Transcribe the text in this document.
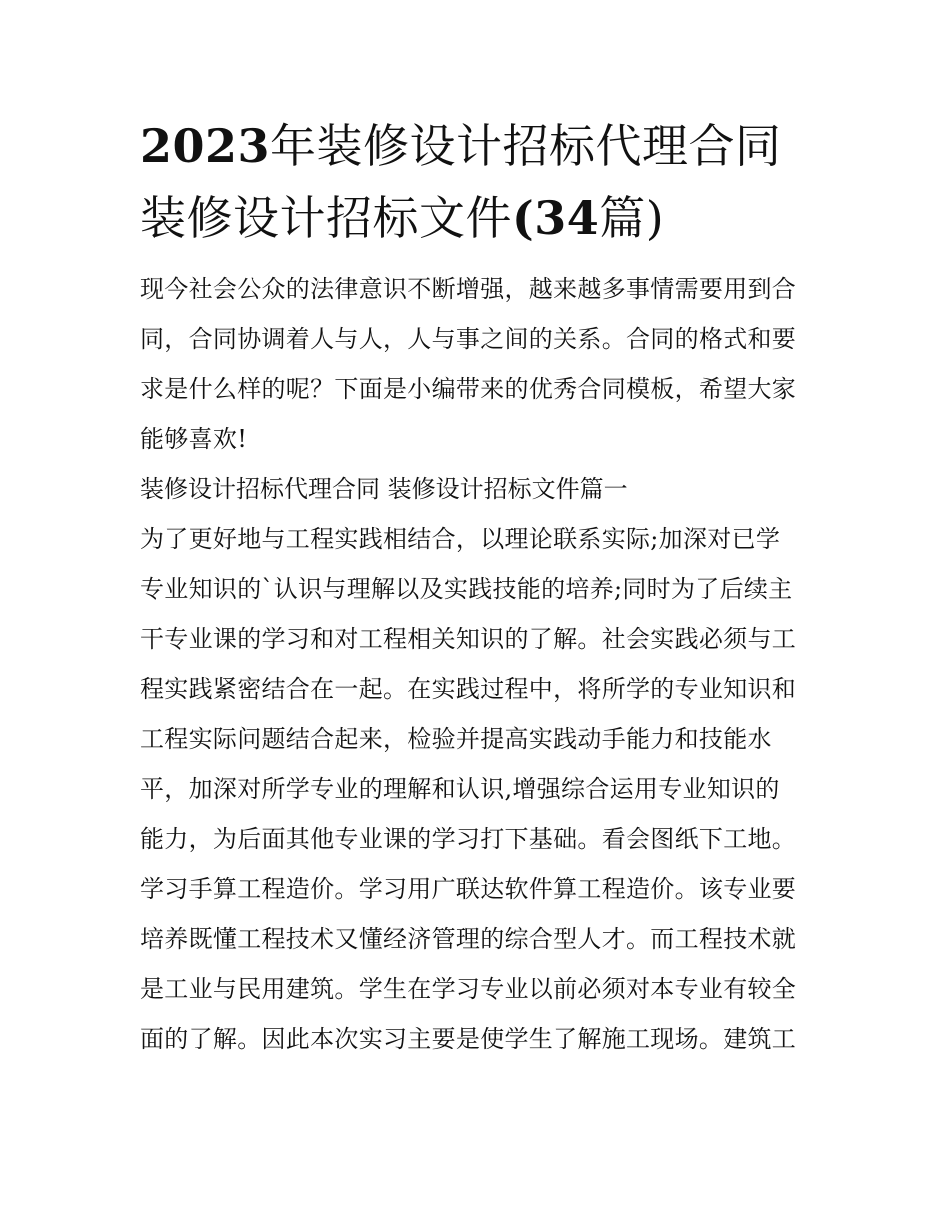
2023年装修设计招标代理合同
装修设计招标文件(34篇)

现今社会公众的法律意识不断增强，越来越多事情需要用到合
同，合同协调着人与人，人与事之间的关系。合同的格式和要
求是什么样的呢？下面是小编带来的优秀合同模板，希望大家
能够喜欢!

装修设计招标代理合同 装修设计招标文件篇一

为了更好地与工程实践相结合，以理论联系实际;加深对已学
专业知识的`认识与理解以及实践技能的培养;同时为了后续主
干专业课的学习和对工程相关知识的了解。社会实践必须与工
程实践紧密结合在一起。在实践过程中，将所学的专业知识和
工程实际问题结合起来，检验并提高实践动手能力和技能水
平，加深对所学专业的理解和认识,增强综合运用专业知识的
能力，为后面其他专业课的学习打下基础。看会图纸下工地。
学习手算工程造价。学习用广联达软件算工程造价。该专业要
培养既懂工程技术又懂经济管理的综合型人才。而工程技术就
是工业与民用建筑。学生在学习专业以前必须对本专业有较全
面的了解。因此本次实习主要是使学生了解施工现场。建筑工
